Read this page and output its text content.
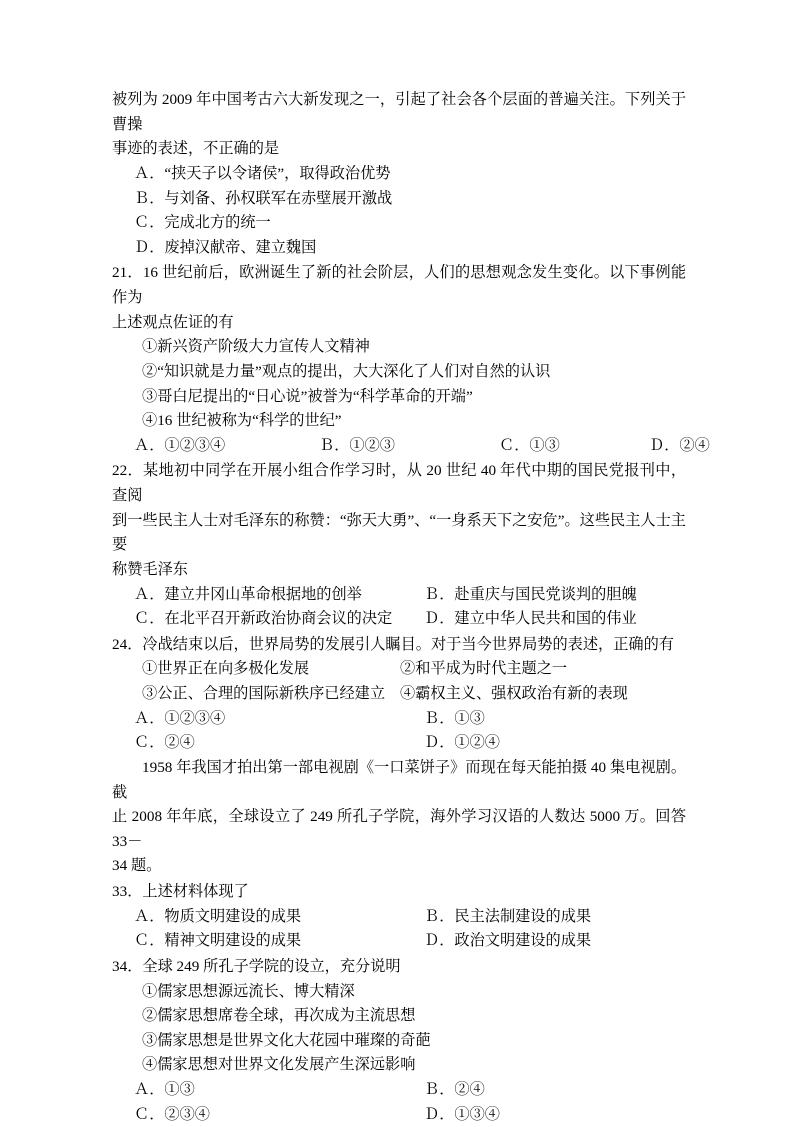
被列为 2009 年中国考古六大新发现之一，引起了社会各个层面的普遍关注。下列关于曹操
事迹的表述，不正确的是
Ａ．“挟天子以令诸侯”，取得政治优势
Ｂ．与刘备、孙权联军在赤壁展开激战
Ｃ．完成北方的统一
Ｄ．废掉汉献帝、建立魏国
21．16 世纪前后，欧洲诞生了新的社会阶层，人们的思想观念发生变化。以下事例能作为
上述观点佐证的有
①新兴资产阶级大力宣传人文精神
②“知识就是力量”观点的提出，大大深化了人们对自然的认识
③哥白尼提出的“日心说”被誉为“科学革命的开端”
④16 世纪被称为“科学的世纪”
Ａ．①②③④	Ｂ．①②③	Ｃ．①③	Ｄ．②④
22．某地初中同学在开展小组合作学习时，从 20 世纪 40 年代中期的国民党报刊中，查阅
到一些民主人士对毛泽东的称赞：“弥天大勇”、“一身系天下之安危”。这些民主人士主要
称赞毛泽东
Ａ．建立井冈山革命根据地的创举	Ｂ．赴重庆与国民党谈判的胆魄
Ｃ．在北平召开新政治协商会议的决定 Ｄ．建立中华人民共和国的伟业
24．冷战结束以后，世界局势的发展引人瞩目。对于当今世界局势的表述，正确的有
①世界正在向多极化发展	②和平成为时代主题之一
③公正、合理的国际新秩序已经建立 ④霸权主义、强权政治有新的表现
Ａ．①②③④	Ｂ．①③
Ｃ．②④	Ｄ．①②④
1958 年我国才拍出第一部电视剧《一口菜饼子》而现在每天能拍摄 40 集电视剧。截
止 2008 年年底，全球设立了 249 所孔子学院，海外学习汉语的人数达 5000 万。回答 33－
34 题。
33．上述材料体现了
Ａ．物质文明建设的成果	Ｂ．民主法制建设的成果
Ｃ．精神文明建设的成果	Ｄ．政治文明建设的成果
34．全球 249 所孔子学院的设立，充分说明
①儒家思想源远流长、博大精深
②儒家思想席卷全球，再次成为主流思想
③儒家思想是世界文化大花园中璀璨的奇葩
④儒家思想对世界文化发展产生深远影响
Ａ．①③	Ｂ．②④
Ｃ．②③④	Ｄ．①③④
